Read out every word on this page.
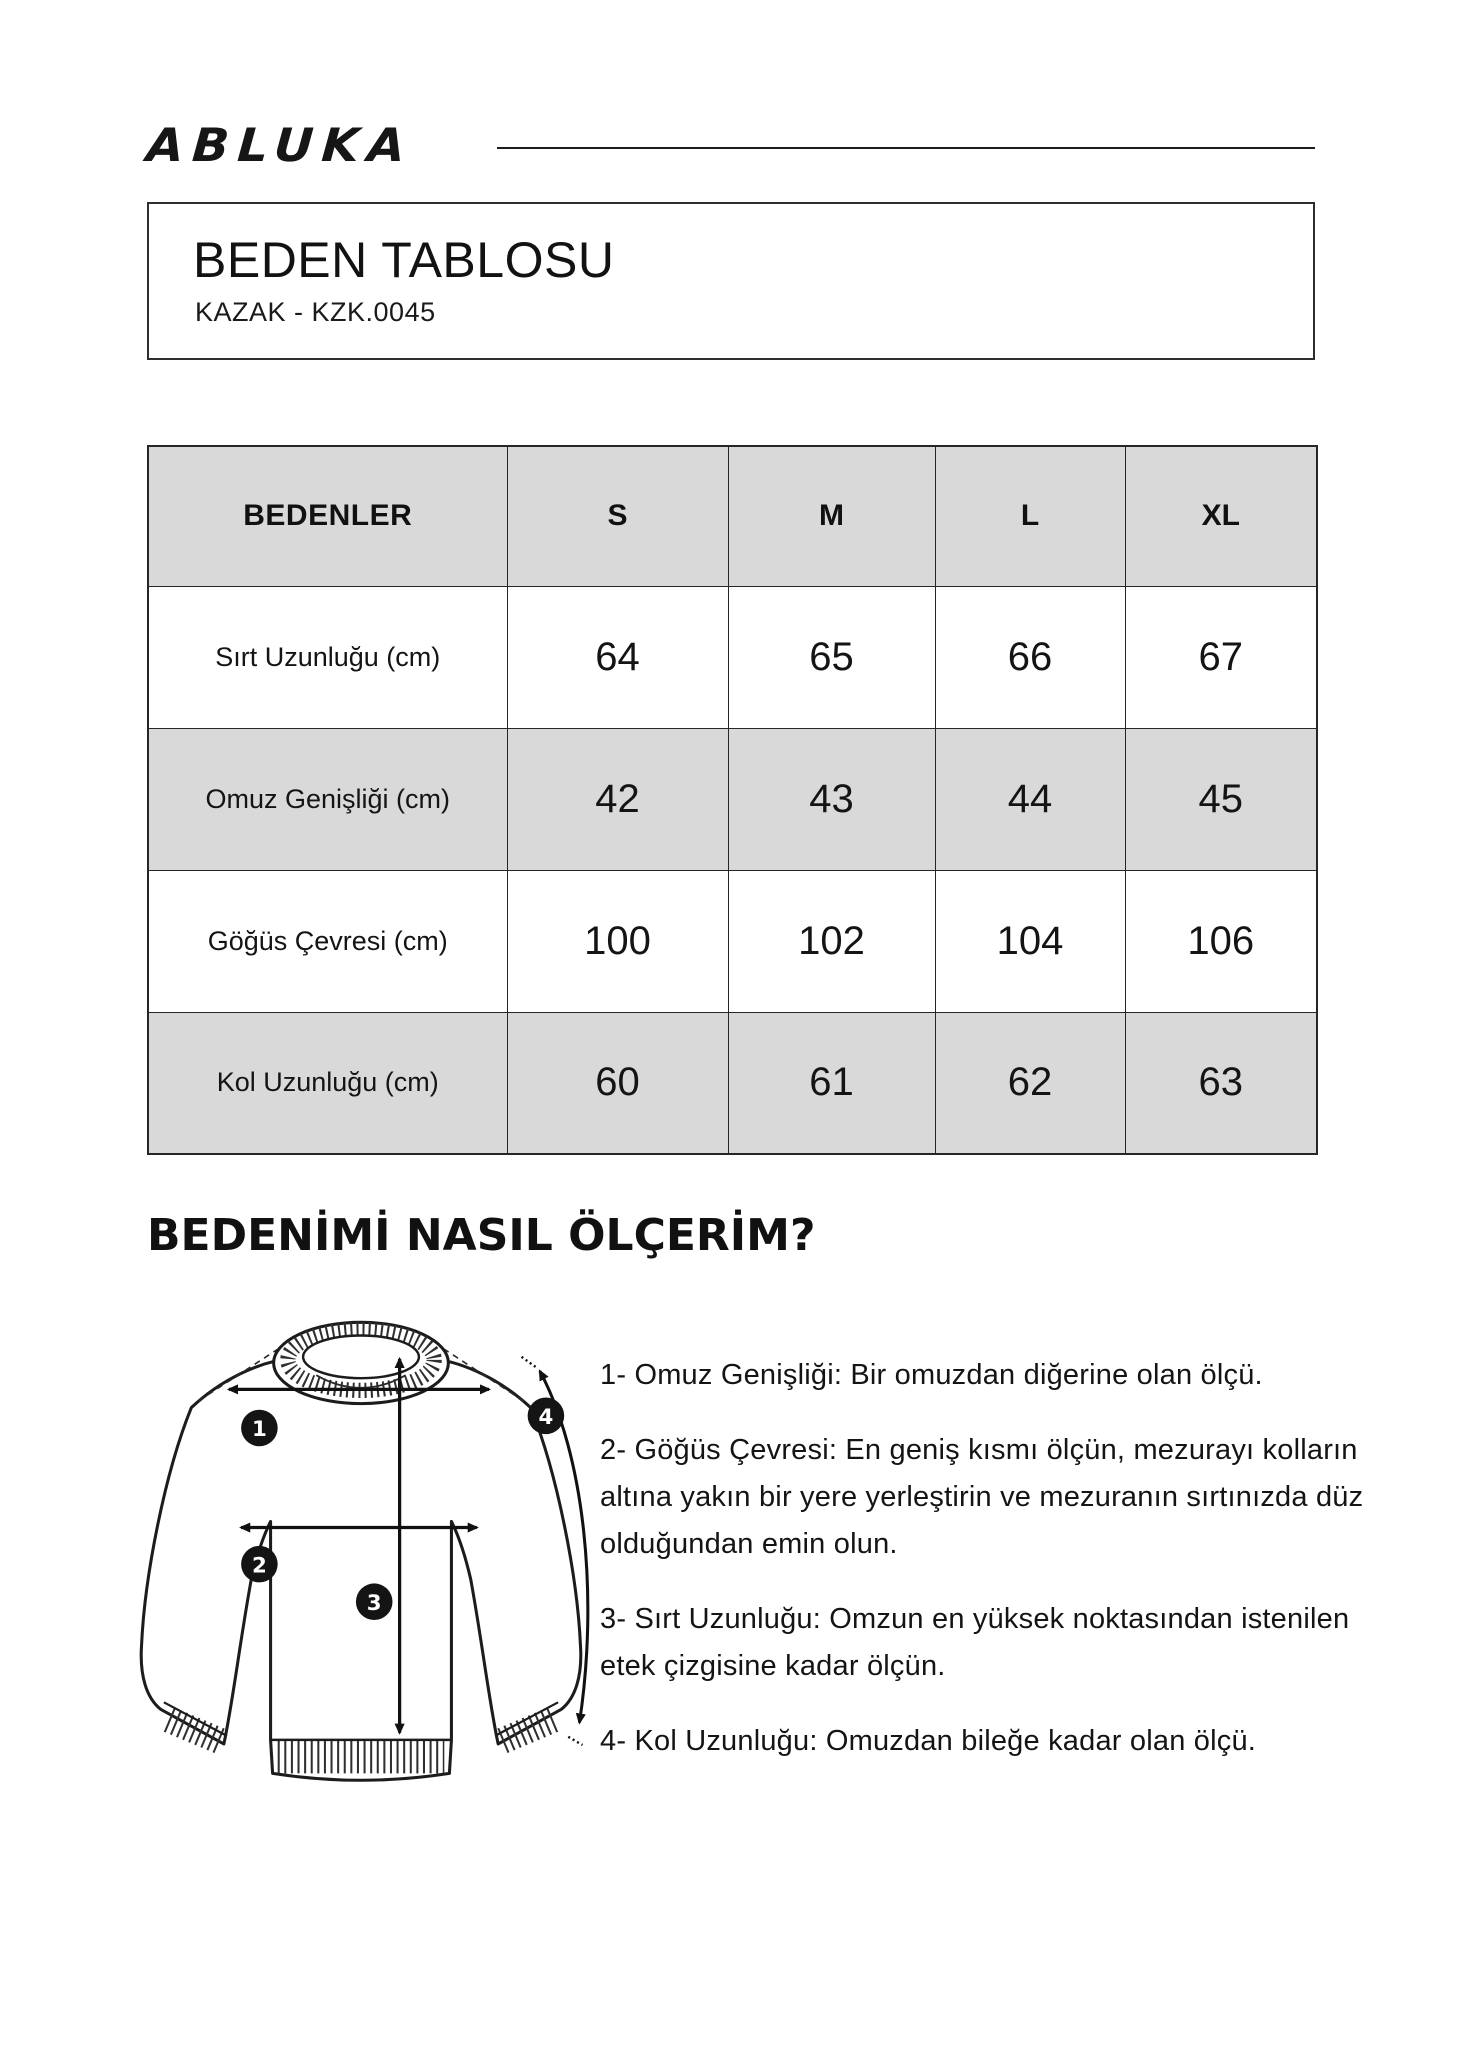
ABLUKA
BEDEN TABLOSU
KAZAK - KZK.0045
BEDENLER	S	M	L	XL
Sırt Uzunluğu (cm)	64	65	66	67
Omuz Genişliği (cm)	42	43	44	45
Göğüs Çevresi (cm)	100	102	104	106
Kol Uzunluğu (cm)	60	61	62	63
BEDENİMİ NASIL ÖLÇERİM?
1
2
3
4

1- Omuz Genişliği: Bir omuzdan diğerine olan ölçü.

2- Göğüs Çevresi: En geniş kısmı ölçün, mezurayı kolların altına yakın bir yere yerleştirin ve mezuranın sırtınızda düz olduğundan emin olun.

3- Sırt Uzunluğu: Omzun en yüksek noktasından istenilen etek çizgisine kadar ölçün.

4- Kol Uzunluğu: Omuzdan bileğe kadar olan ölçü.
